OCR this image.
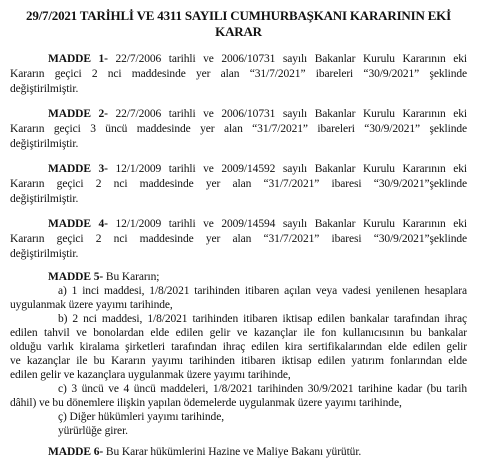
29/7/2021 TARİHLİ VE 4311 SAYILI CUMHURBAŞKANI KARARININ EKİ
KARAR
MADDE 1- 22/7/2006 tarihli ve 2006/10731 sayılı Bakanlar Kurulu Kararının eki
Kararın geçici 2 nci maddesinde yer alan “31/7/2021” ibareleri “30/9/2021” şeklinde
değiştirilmiştir.
MADDE 2- 22/7/2006 tarihli ve 2006/10731 sayılı Bakanlar Kurulu Kararının eki
Kararın geçici 3 üncü maddesinde yer alan “31/7/2021” ibareleri “30/9/2021” şeklinde
değiştirilmiştir.
MADDE 3- 12/1/2009 tarihli ve 2009/14592 sayılı Bakanlar Kurulu Kararının eki
Kararın geçici 2 nci maddesinde yer alan “31/7/2021” ibaresi “30/9/2021”şeklinde
değiştirilmiştir.
MADDE 4- 12/1/2009 tarihli ve 2009/14594 sayılı Bakanlar Kurulu Kararının eki
Kararın geçici 2 nci maddesinde yer alan “31/7/2021” ibaresi “30/9/2021”şeklinde
değiştirilmiştir.
MADDE 5- Bu Kararın;
a) 1 inci maddesi, 1/8/2021 tarihinden itibaren açılan veya vadesi yenilenen hesaplara
uygulanmak üzere yayımı tarihinde,
b) 2 nci maddesi, 1/8/2021 tarihinden itibaren iktisap edilen bankalar tarafından ihraç
edilen tahvil ve bonolardan elde edilen gelir ve kazançlar ile fon kullanıcısının bu bankalar
olduğu varlık kiralama şirketleri tarafından ihraç edilen kira sertifikalarından elde edilen gelir
ve kazançlar ile bu Kararın yayımı tarihinden itibaren iktisap edilen yatırım fonlarından elde
edilen gelir ve kazançlara uygulanmak üzere yayımı tarihinde,
c) 3 üncü ve 4 üncü maddeleri, 1/8/2021 tarihinden 30/9/2021 tarihine kadar (bu tarih
dâhil) ve bu dönemlere ilişkin yapılan ödemelerde uygulanmak üzere yayımı tarihinde,
ç) Diğer hükümleri yayımı tarihinde,
yürürlüğe girer.
MADDE 6- Bu Karar hükümlerini Hazine ve Maliye Bakanı yürütür.
